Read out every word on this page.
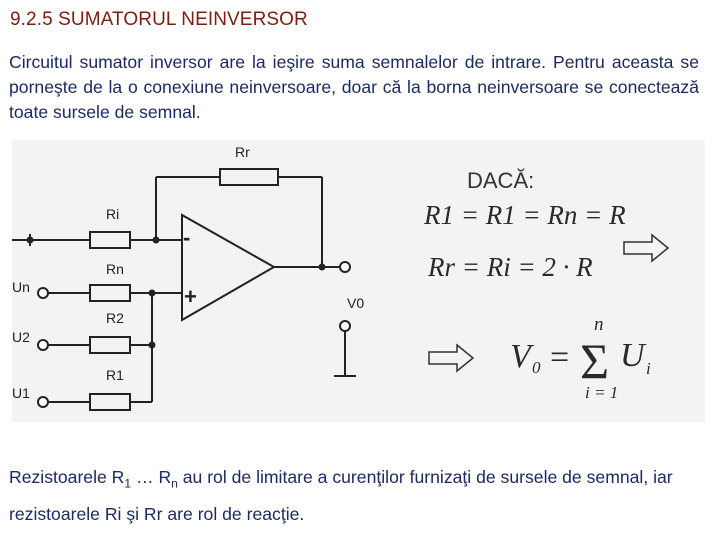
9.2.5 SUMATORUL NEINVERSOR
Circuitul sumator inversor are la ieşire suma semnalelor de intrare. Pentru aceasta se porneşte de la o conexiune neinversoare, doar că la borna neinversoare se conectează toate sursele de semnal.
Rr
Ri
Rn
R2
R1
Un
U2
U1
V0
-
+
DACĂ:
R1 = R1 = Rn = R
Rr = Ri = 2 · R
V 0 = Σ U i
n
i = 1
Rezistoarele $R_1$ … $R_n$ au rol de limitare a curenţilor furnizaţi de sursele de semnal, iar rezistoarele Ri şi Rr are rol de reacţie.
